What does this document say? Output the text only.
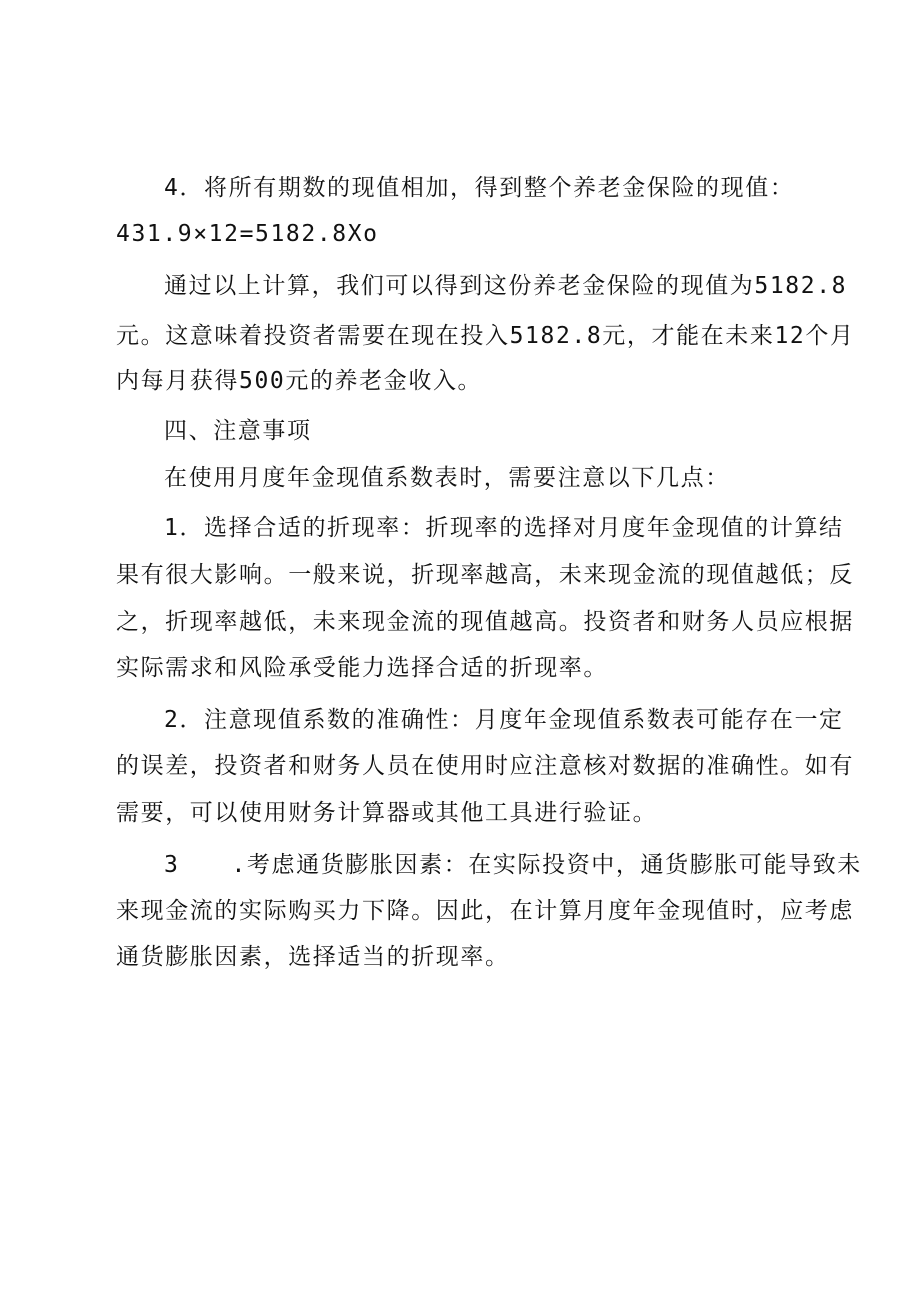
4．将所有期数的现值相加，得到整个养老金保险的现值：
431.9×12=5182.8Xo
通过以上计算，我们可以得到这份养老金保险的现值为5182.8
元。这意味着投资者需要在现在投入5182.8元，才能在未来12个月
内每月获得500元的养老金收入。
四、注意事项
在使用月度年金现值系数表时，需要注意以下几点：
1．选择合适的折现率：折现率的选择对月度年金现值的计算结
果有很大影响。一般来说，折现率越高，未来现金流的现值越低；反
之，折现率越低，未来现金流的现值越高。投资者和财务人员应根据
实际需求和风险承受能力选择合适的折现率。
2．注意现值系数的准确性：月度年金现值系数表可能存在一定
的误差，投资者和财务人员在使用时应注意核对数据的准确性。如有
需要，可以使用财务计算器或其他工具进行验证。
3 .考虑通货膨胀因素：在实际投资中，通货膨胀可能导致未
来现金流的实际购买力下降。因此，在计算月度年金现值时，应考虑
通货膨胀因素，选择适当的折现率。
